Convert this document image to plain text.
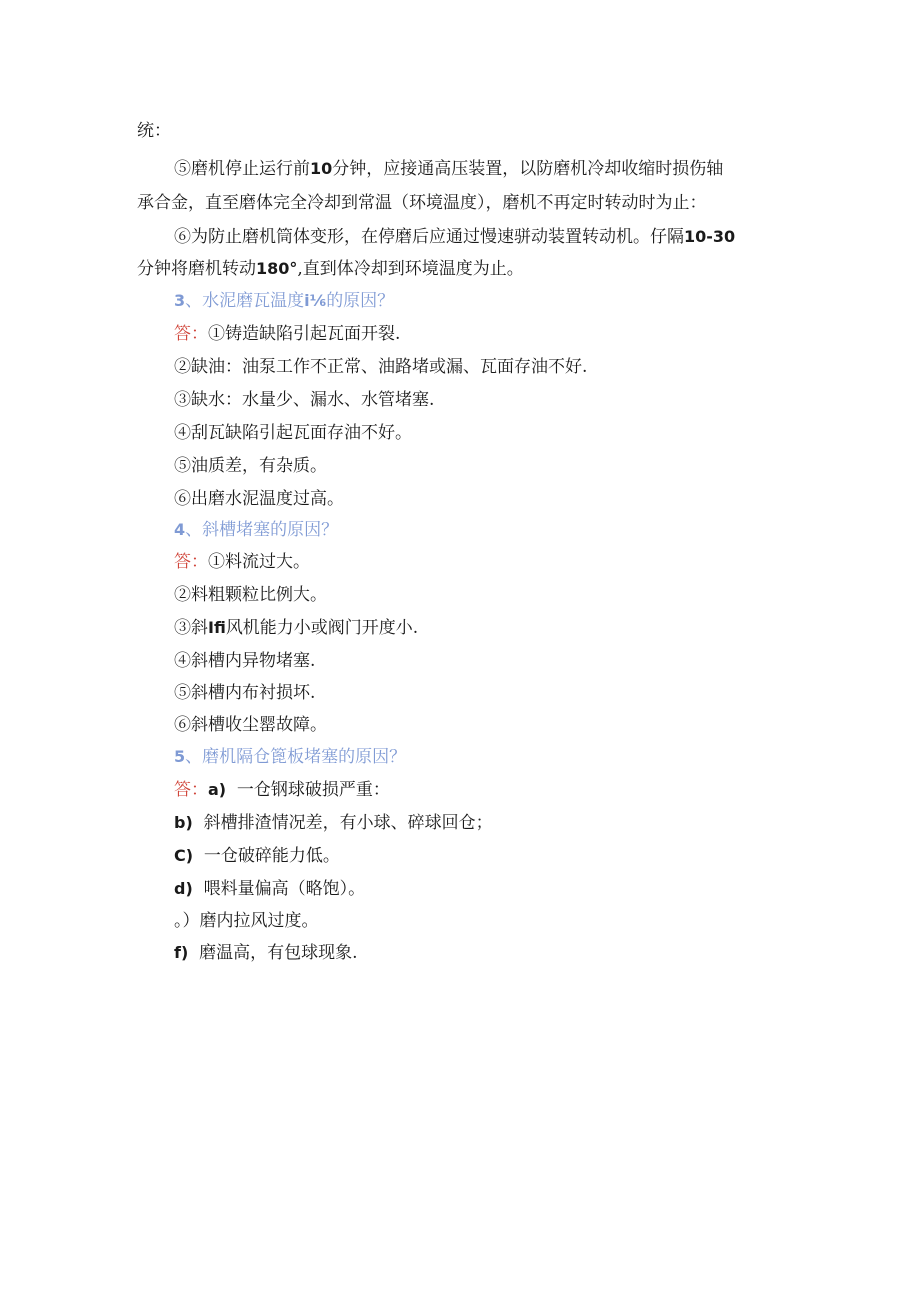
统：
⑤磨机停止运行前10分钟，应接通高压装置，以防磨机冷却收缩时损伤轴
承合金，直至磨体完全冷却到常温（环境温度），磨机不再定时转动时为止：
⑥为防止磨机筒体变形，在停磨后应通过慢速骈动装置转动机。仔隔10-30
分钟将磨机转动180°,直到体冷却到环境温度为止。
3、水泥磨瓦温度i⅙的原因？
答：①铸造缺陷引起瓦面开裂.
②缺油：油泵工作不正常、油路堵或漏、瓦面存油不好.
③缺水：水量少、漏水、水管堵塞.
④刮瓦缺陷引起瓦面存油不好。
⑤油质差，有杂质。
⑥出磨水泥温度过高。
4、斜槽堵塞的原因？
答：①料流过大。
②料粗颗粒比例大。
③斜Ifi风机能力小或阀门开度小.
④斜槽内异物堵塞.
⑤斜槽内布衬损坏.
⑥斜槽收尘罂故障。
5、磨机隔仓篦板堵塞的原因？
答：a) 一仓钢球破损严重：
b) 斜槽排渣情况差，有小球、碎球回仓；
C) 一仓破碎能力低。
d) 喂料量偏高（略饱）。
。）磨内拉风过度。
f) 磨温高，有包球现象.
